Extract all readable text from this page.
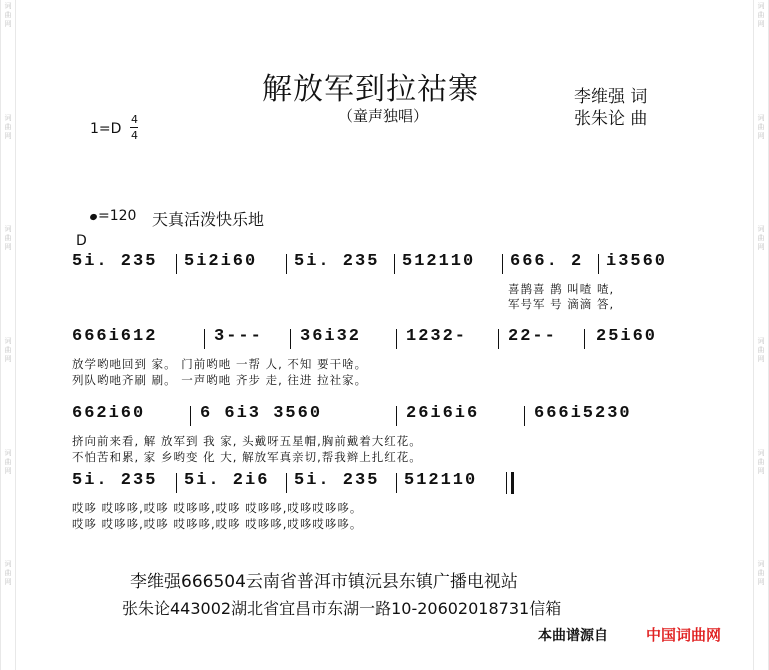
词
曲
网
词
曲
网
词
曲
网
词
曲
网
词
曲
网
词
曲
网
词
曲
网
词
曲
网
词
曲
网
词
曲
网
词
曲
网
词
曲
网
解放军到拉祜寨
（童声独唱）
李维强 词
张朱论 曲
1=D
4
4
=120 天真活泼快乐地
D
5i. 235 5i2i60 5i. 235 512110 666. 2 i3560
喜鹊喜 鹊 叫喳 喳,
军号军 号 滴滴 答,
666i612	3--- 36i32	1232- 22-- 25i60
放学哟吔回到 家。 门前哟吔 一帮 人, 不知 要干啥。
列队哟吔齐刷 刷。 一声哟吔 齐步 走, 往进 拉社家。
662i60	6 6i3 3560	26i6i6	666i5230
挤向前来看, 解 放军到 我 家, 头戴呀五星帽,胸前戴着大红花。
不怕苦和累, 家 乡哟变 化 大, 解放军真亲切,帮我辫上扎红花。
5i. 235 5i. 2i6 5i. 235 512110
哎哆 哎哆哆,哎哆 哎哆哆,哎哆 哎哆哆,哎哆哎哆哆。
哎哆 哎哆哆,哎哆 哎哆哆,哎哆 哎哆哆,哎哆哎哆哆。
李维强666504云南省普洱市镇沅县东镇广播电视站
张朱论443002湖北省宜昌市东湖一路10-20602018731信箱
本曲谱源自	中国词曲网
